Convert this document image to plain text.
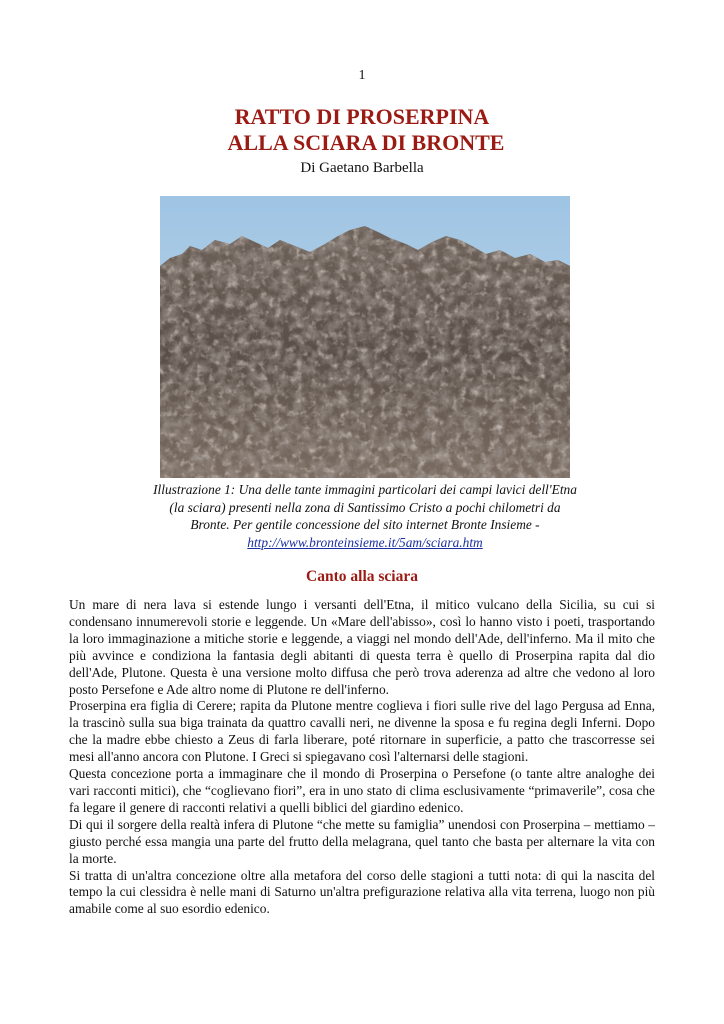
1
RATTO DI PROSERPINA
ALLA SCIARA DI BRONTE
Di Gaetano Barbella
Illustrazione 1: Una delle tante immagini particolari dei campi lavici dell'Etna (la sciara) presenti nella zona di Santissimo Cristo a pochi chilometri da Bronte. Per gentile concessione del sito internet Bronte Insieme - http://www.bronteinsieme.it/5am/sciara.htm
Canto alla sciara

Un mare di nera lava si estende lungo i versanti dell'Etna, il mitico vulcano della Sicilia, su cui si condensano innumerevoli storie e leggende. Un «Mare dell'abisso», così lo hanno visto i poeti, trasportando la loro immaginazione a mitiche storie e leggende, a viaggi nel mondo dell'Ade, dell'inferno. Ma il mito che più avvince e condiziona la fantasia degli abitanti di questa terra è quello di Proserpina rapita dal dio dell'Ade, Plutone. Questa è una versione molto diffusa che però trova aderenza ad altre che vedono al loro posto Persefone e Ade altro nome di Plutone re dell'inferno.

Proserpina era figlia di Cerere; rapita da Plutone mentre coglieva i fiori sulle rive del lago Pergusa ad Enna, la trascinò sulla sua biga trainata da quattro cavalli neri, ne divenne la sposa e fu regina degli Inferni. Dopo che la madre ebbe chiesto a Zeus di farla liberare, poté ritornare in superficie, a patto che trascorresse sei mesi all'anno ancora con Plutone. I Greci si spiegavano così l'alternarsi delle stagioni.

Questa concezione porta a immaginare che il mondo di Proserpina o Persefone (o tante altre analoghe dei vari racconti mitici), che “coglievano fiori”, era in uno stato di clima esclusivamente “primaverile”, cosa che fa legare il genere di racconti relativi a quelli biblici del giardino edenico.

Di qui il sorgere della realtà infera di Plutone “che mette su famiglia” unendosi con Proserpina – mettiamo – giusto perché essa mangia una parte del frutto della melagrana, quel tanto che basta per alternare la vita con la morte.

Si tratta di un'altra concezione oltre alla metafora del corso delle stagioni a tutti nota: di qui la nascita del tempo la cui clessidra è nelle mani di Saturno un'altra prefigurazione relativa alla vita terrena, luogo non più amabile come al suo esordio edenico.
